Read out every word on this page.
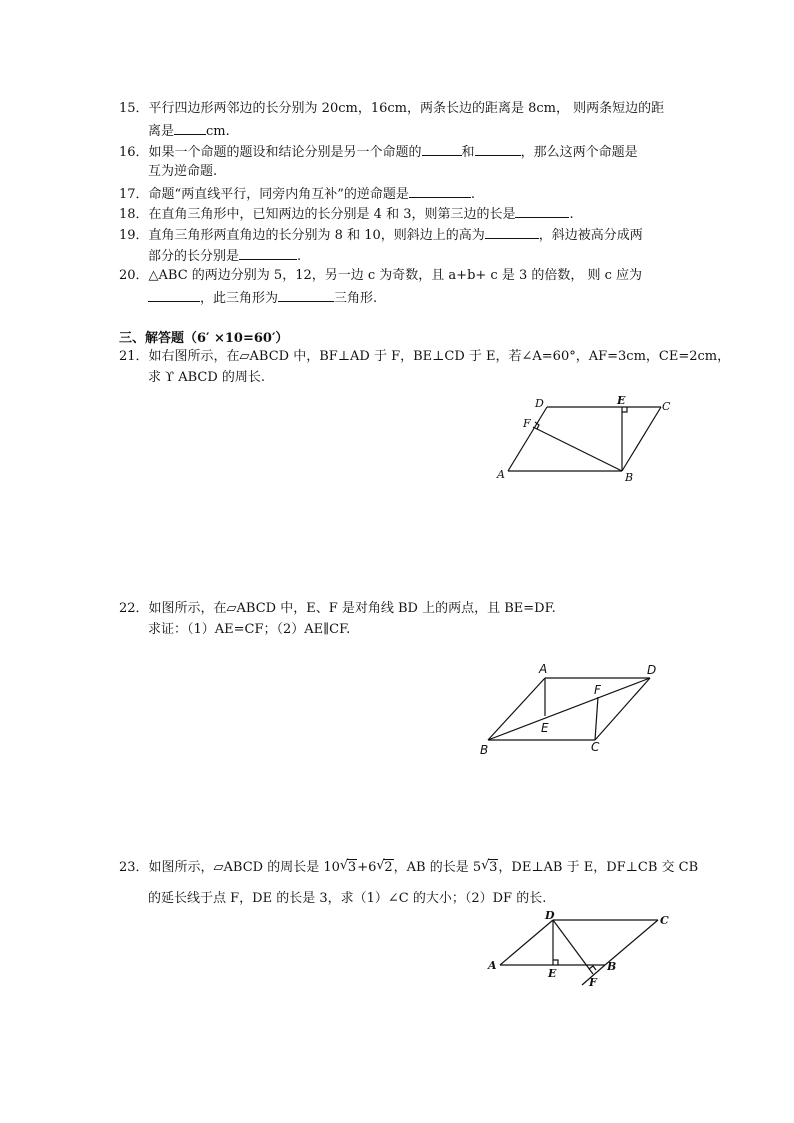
15．平行四边形两邻边的长分别为 20cm，16cm，两条长边的距离是 8cm， 则两条短边的距
离是 cm.
16．如果一个命题的题设和结论分别是另一个命题的	和	，那么这两个命题是
互为逆命题.
17．命题“两直线平行，同旁内角互补”的逆命题是	.
18．在直角三角形中，已知两边的长分别是 4 和 3，则第三边的长是	.
19．直角三角形两直角边的长分别为 8 和 10，则斜边上的高为	，斜边被高分成两
部分的长分别是	.
20．△ABC 的两边分别为 5，12，另一边 c 为奇数，且 a+b+ c 是 3 的倍数， 则 c 应为
，此三角形为	三角形.
三、解答题（6′ ×10=60′）
21．如右图所示，在▱ABCD 中，BF⊥AD 于 F，BE⊥CD 于 E，若∠A=60°，AF=3cm，CE=2cm，
求 ϒ ABCD 的周长.
22．如图所示，在▱ABCD 中，E、F 是对角线 BD 上的两点，且 BE=DF.
求证：（1）AE=CF；（2）AE∥CF.
23．如图所示，▱ABCD 的周长是 10 √ 3+6 √ 2，AB 的长是 5 √ 3，DE⊥AB 于 E，DF⊥CB 交 CB
的延长线于点 F，DE 的长是 3，求（1）∠C 的大小；（2）DF 的长.
A	B
C
D	E
F
A
B	C
D
E
F
A	B
C
D
E
F
